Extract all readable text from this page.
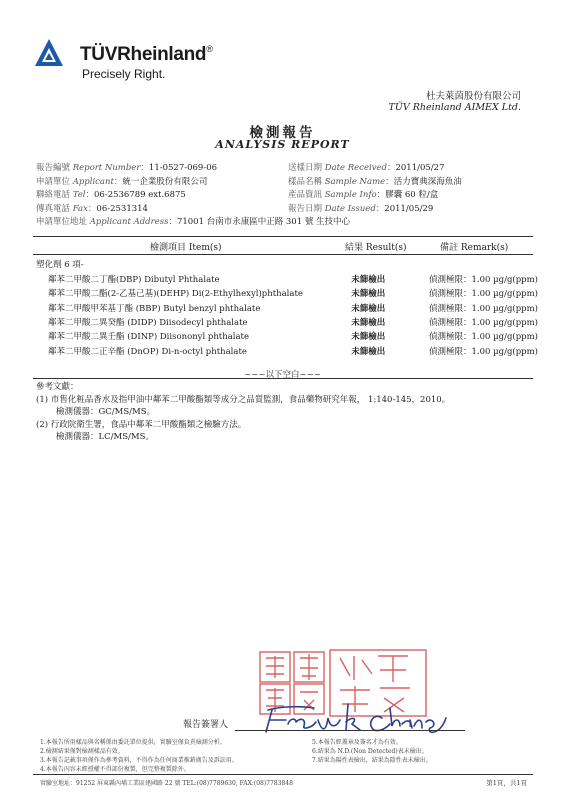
TÜVRheinland®
Precisely Right.
杜夫萊茵股份有限公司
TÜV Rheinland AIMEX Ltd.
檢測報告
ANALYSIS REPORT
報告編號 Report Number：11-0527-069-06
申請單位 Applicant：統一企業股份有限公司
聯絡電話 Tel：06-2536789 ext.6875
傳真電話 Fax：06-2531314
申請單位地址 Applicant Address：71001 台南市永康區中正路 301 號 生技中心
送樣日期 Date Received：2011/05/27
樣品名稱 Sample Name：活力寶典深海魚油
產品資訊 Sample Info：膠囊 60 粒/盒
報告日期 Date Issued：2011/05/29
檢測項目 Item(s)	結果 Result(s)	備註 Remark(s)
塑化劑 6 項-
鄰苯二甲酸二丁酯(DBP) Dibutyl Phthalate	未篩檢出	偵測極限：1.00 µg/g(ppm)
鄰苯二甲酸二酯(2-乙基己基)(DEHP) Di(2-Ethylhexyl)phthalate	未篩檢出	偵測極限：1.00 µg/g(ppm)
鄰苯二甲酸甲苯基丁酯 (BBP) Butyl benzyl phthalate	未篩檢出	偵測極限：1.00 µg/g(ppm)
鄰苯二甲酸二異癸酯 (DIDP) Diisodecyl phthalate	未篩檢出	偵測極限：1.00 µg/g(ppm)
鄰苯二甲酸二異壬酯 (DINP) Diisononyl phthalate	未篩檢出	偵測極限：1.00 µg/g(ppm)
鄰苯二甲酸二正辛酯 (DnOP) Di-n-octyl phthalate	未篩檢出	偵測極限：1.00 µg/g(ppm)
~~~以下空白~~~
參考文獻：
(1) 市售化粧品香水及指甲油中鄰苯二甲酸酯類等成分之品質監測，食品藥物研究年報， 1:140-145，2010。
檢測儀器：GC/MS/MS。
(2) 行政院衛生署，食品中鄰苯二甲酸酯類之檢驗方法。
檢測儀器：LC/MS/MS。
報告簽署人
1.本報告所用樣品與名稱係由委託單位提供，實驗室僅負責檢測分析。
2.檢測結果僅對檢測樣品有效。
3.本報告記載事項僅作為參考資料，不得作為任何商業推銷廣告及訴訟用。
4.本報告內容未經授權不得部份複製，但完整複製除外。
5.本報告經蓋章及簽名才為有效。
6.結果為 N.D.(Non Detected)表未檢出。
7.結果為陽性表檢出，結果為陰性表未檢出。
實驗室地址：91252 屏東縣內埔工業區建國路 22 號 TEL:(08)7789630, FAX:(08)7783848	第1頁，共1頁
